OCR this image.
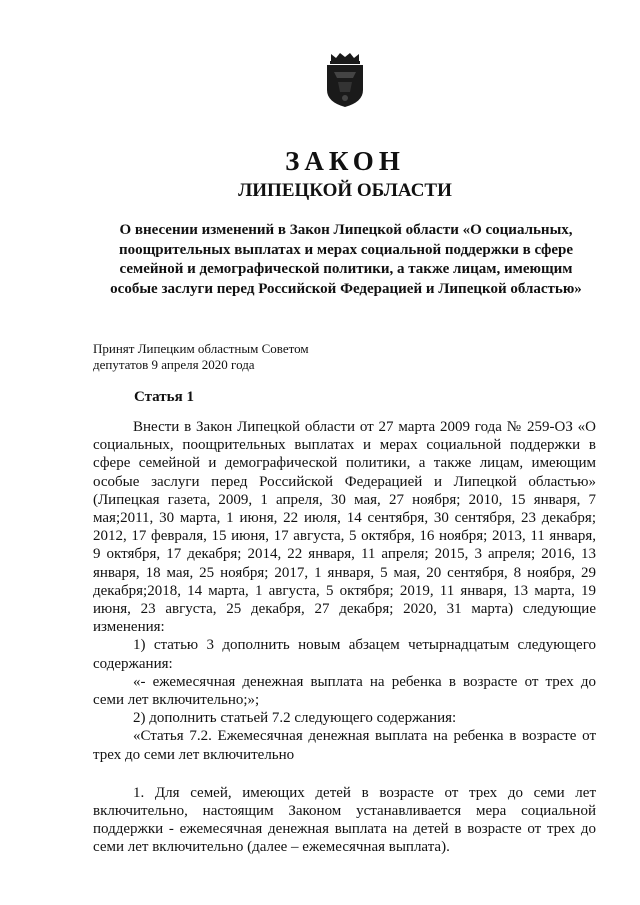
ЗАКОН
ЛИПЕЦКОЙ ОБЛАСТИ
О внесении изменений в Закон Липецкой области «О социальных, поощрительных выплатах и мерах социальной поддержки в сфере семейной и демографической политики, а также лицам, имеющим особые заслуги перед Российской Федерацией и Липецкой областью»
Принят Липецким областным Советом
депутатов 9 апреля 2020 года
Статья 1

Внести в Закон Липецкой области от 27 марта 2009 года № 259-ОЗ «О социальных, поощрительных выплатах и мерах социальной поддержки в сфере семейной и демографической политики, а также лицам, имеющим особые заслуги перед Российской Федерацией и Липецкой областью» (Липецкая газета, 2009, 1 апреля, 30 мая, 27 ноября; 2010, 15 января, 7 мая;2011, 30 марта, 1 июня, 22 июля, 14 сентября, 30 сентября, 23 декабря; 2012, 17 февраля, 15 июня, 17 августа, 5 октября, 16 ноября; 2013, 11 января, 9 октября, 17 декабря; 2014, 22 января, 11 апреля; 2015, 3 апреля; 2016, 13 января, 18 мая, 25 ноября; 2017, 1 января, 5 мая, 20 сентября, 8 ноября, 29 декабря;2018, 14 марта, 1 августа, 5 октября; 2019, 11 января, 13 марта, 19 июня, 23 августа, 25 декабря, 27 декабря; 2020, 31 марта) следующие изменения:

1) статью 3 дополнить новым абзацем четырнадцатым следующего содержания:

«- ежемесячная денежная выплата на ребенка в возрасте от трех до семи лет включительно;»;

2) дополнить статьей 7.2 следующего содержания:

«Статья 7.2. Ежемесячная денежная выплата на ребенка в возрасте от трех до семи лет включительно

1. Для семей, имеющих детей в возрасте от трех до семи лет включительно, настоящим Законом устанавливается мера социальной поддержки - ежемесячная денежная выплата на детей в возрасте от трех до семи лет включительно (далее – ежемесячная выплата).
